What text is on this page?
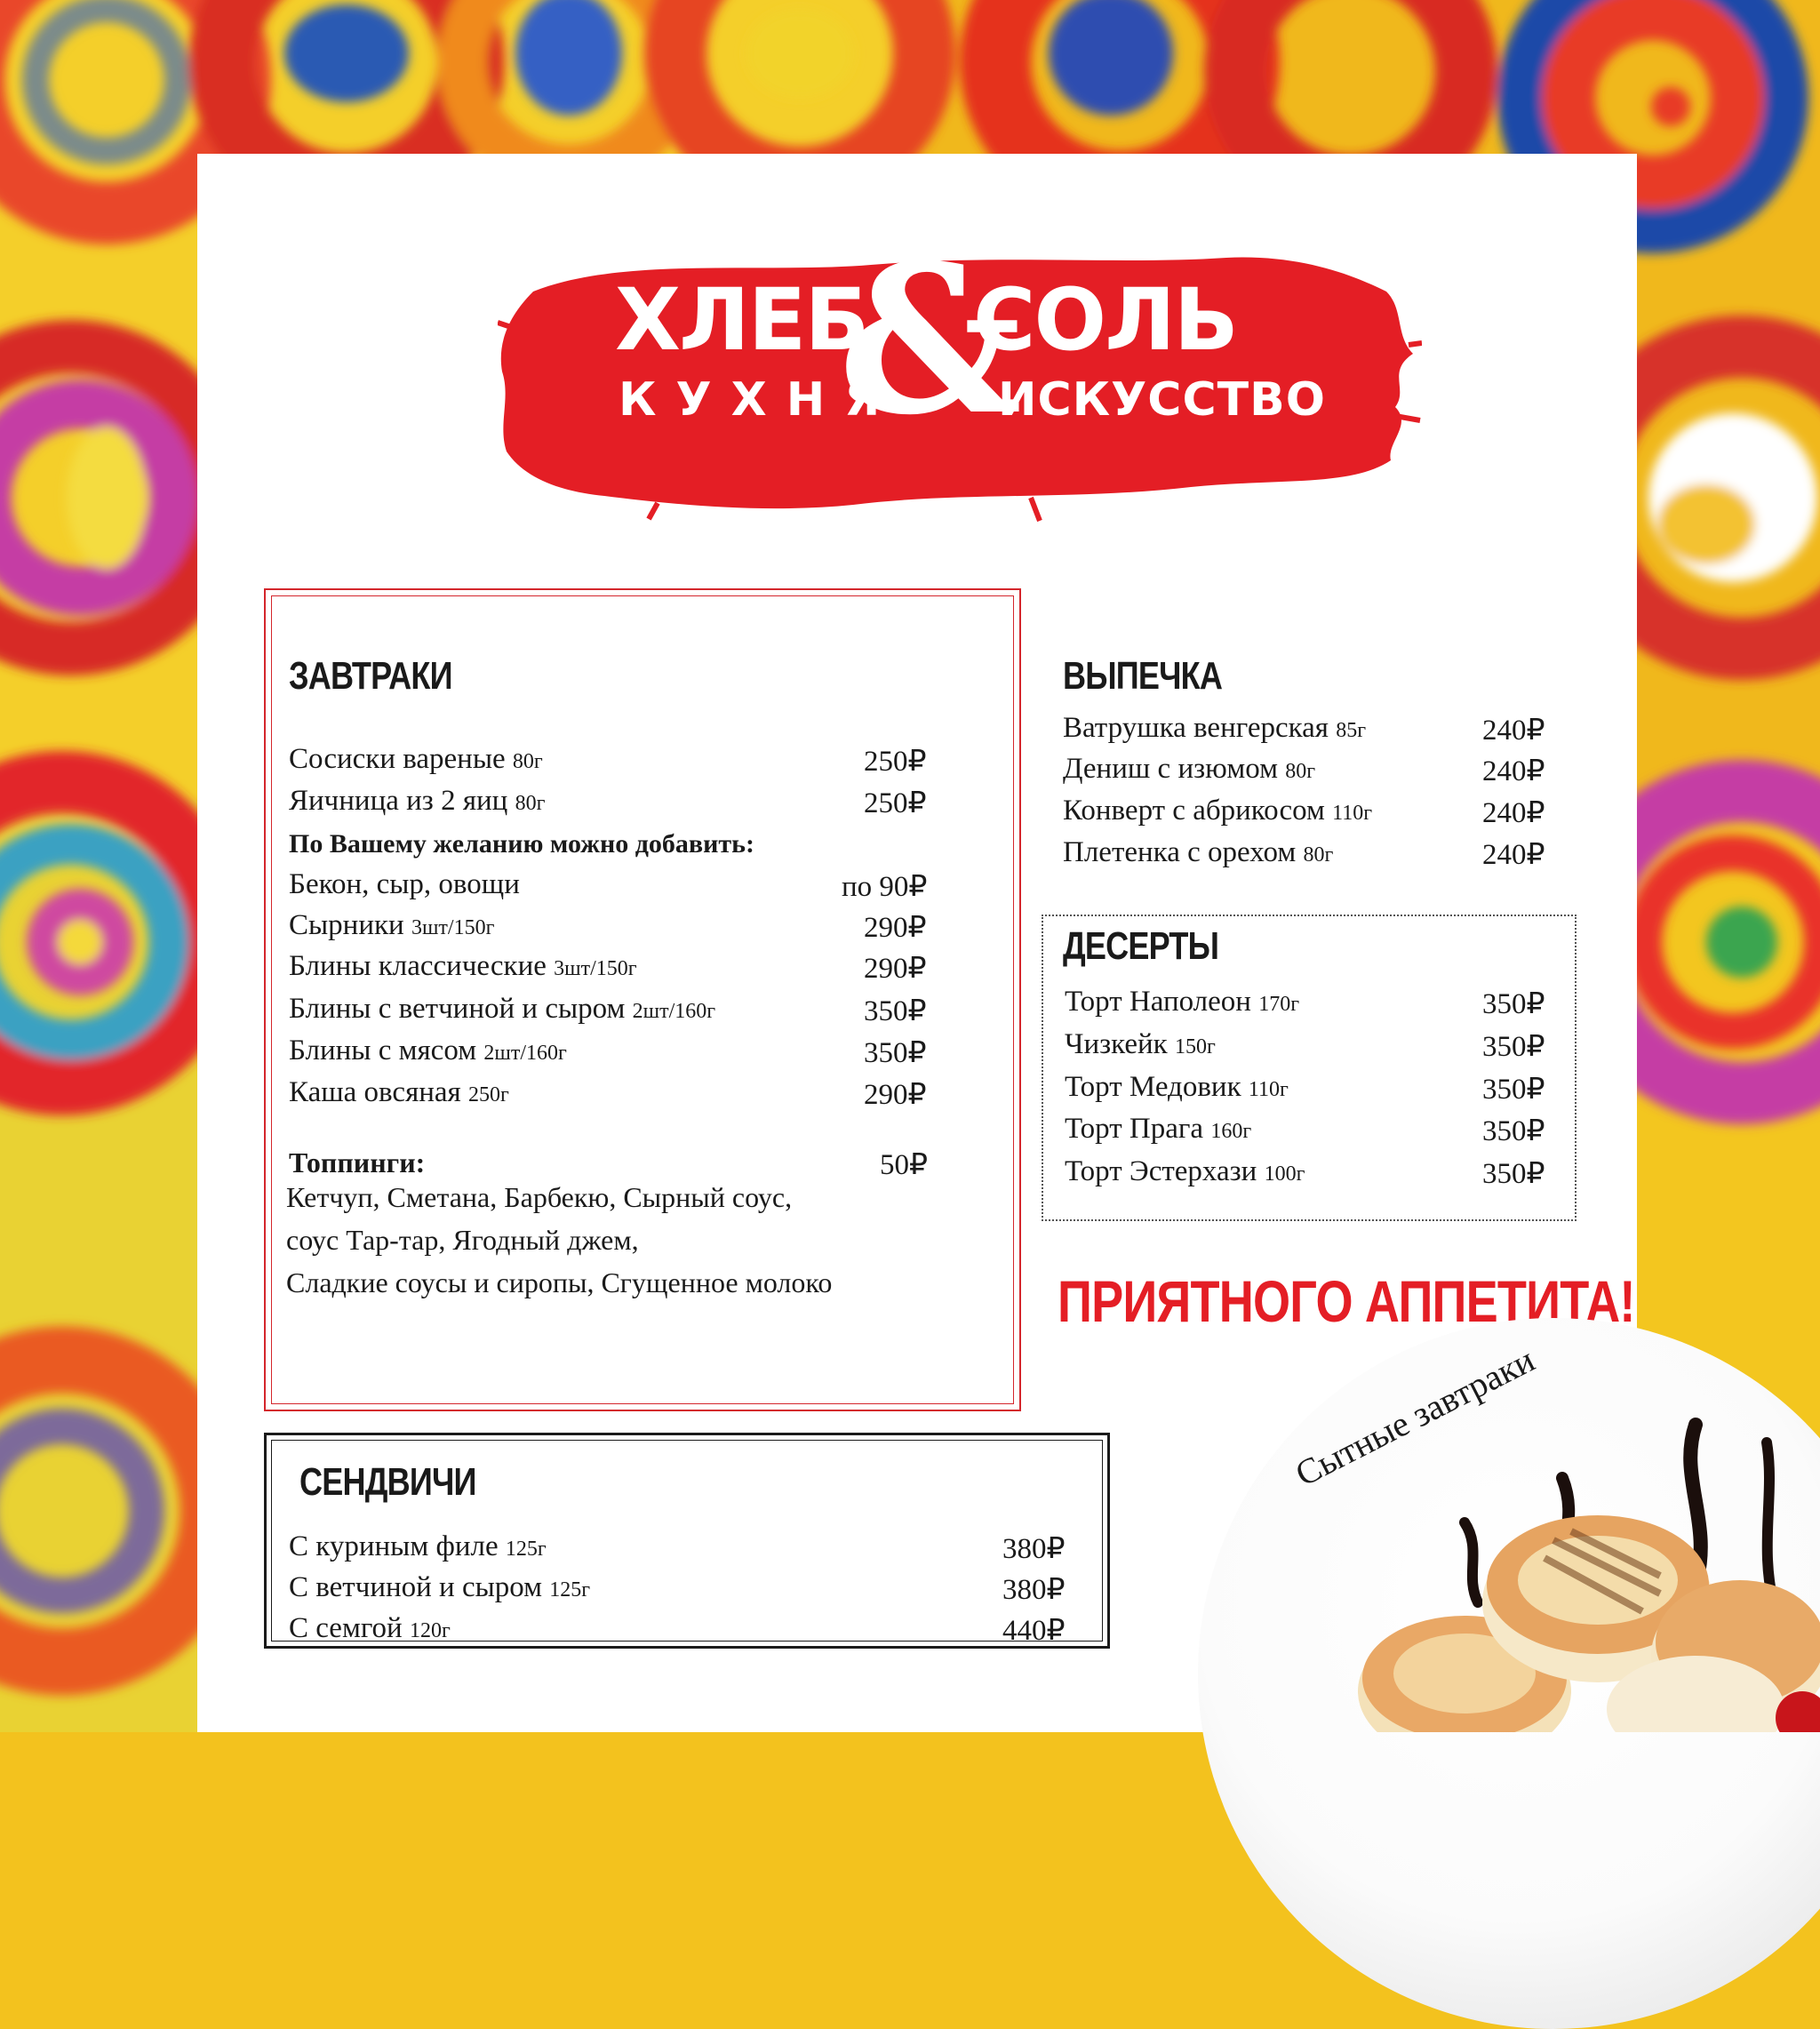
&
ХЛЕБ СОЛЬ
КУХНЯ ИСКУССТВО
ЗАВТРАКИ
Сосиски вареные 80г	250₽
Яичница из 2 яиц 80г	250₽
По Вашему желанию можно добавить:
Бекон, сыр, овощи	по 90₽
Сырники 3шт/150г	290₽
Блины классические 3шт/150г	290₽
Блины с ветчиной и сыром 2шт/160г	350₽
Блины с мясом 2шт/160г	350₽
Каша овсяная 250г	290₽
Топпинги:	50₽
Кетчуп, Сметана, Барбекю, Сырный соус,
соус Тар-тар, Ягодный джем,
Сладкие соусы и сиропы, Сгущенное молоко
СЕНДВИЧИ
С куриным филе 125г	380₽
С ветчиной и сыром 125г	380₽
С семгой 120г	440₽
ВЫПЕЧКА
Ватрушка венгерская 85г	240₽
Дениш с изюмом 80г	240₽
Конверт с абрикосом 110г	240₽
Плетенка с орехом 80г	240₽
ДЕСЕРТЫ
Торт Наполеон 170г	350₽
Чизкейк 150г	350₽
Торт Медовик 110г	350₽
Торт Прага 160г	350₽
Торт Эстерхази 100г	350₽
ПРИЯТНОГО АППЕТИТА!
Сытные завтраки
